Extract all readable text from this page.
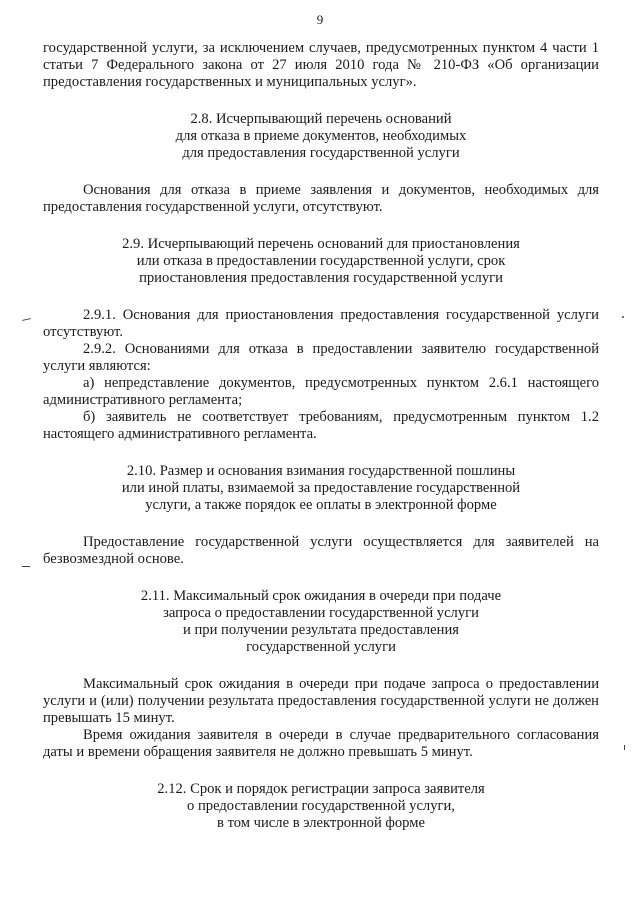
9

государственной услуги, за исключением случаев, предусмотренных пунктом 4 части 1 статьи 7 Федерального закона от 27 июля 2010 года № 210-ФЗ «Об организации предоставления государственных и муниципальных услуг».

2.8. Исчерпывающий перечень оснований
для отказа в приеме документов, необходимых
для предоставления государственной услуги

Основания для отказа в приеме заявления и документов, необходимых для предоставления государственной услуги, отсутствуют.

2.9. Исчерпывающий перечень оснований для приостановления
или отказа в предоставлении государственной услуги, срок
приостановления предоставления государственной услуги

2.9.1. Основания для приостановления предоставления государственной услуги отсутствуют.

2.9.2. Основаниями для отказа в предоставлении заявителю государственной услуги являются:

а) непредставление документов, предусмотренных пунктом 2.6.1 настоящего административного регламента;

б) заявитель не соответствует требованиям, предусмотренным пунктом 1.2 настоящего административного регламента.

2.10. Размер и основания взимания государственной пошлины
или иной платы, взимаемой за предоставление государственной
услуги, а также порядок ее оплаты в электронной форме

Предоставление государственной услуги осуществляется для заявителей на безвозмездной основе.

2.11. Максимальный срок ожидания в очереди при подаче
запроса о предоставлении государственной услуги
и при получении результата предоставления
государственной услуги

Максимальный срок ожидания в очереди при подаче запроса о предоставлении услуги и (или) получении результата предоставления государственной услуги не должен превышать 15 минут.

Время ожидания заявителя в очереди в случае предварительного согласования даты и времени обращения заявителя не должно превышать 5 минут.

2.12. Срок и порядок регистрации запроса заявителя
о предоставлении государственной услуги,
в том числе в электронной форме
